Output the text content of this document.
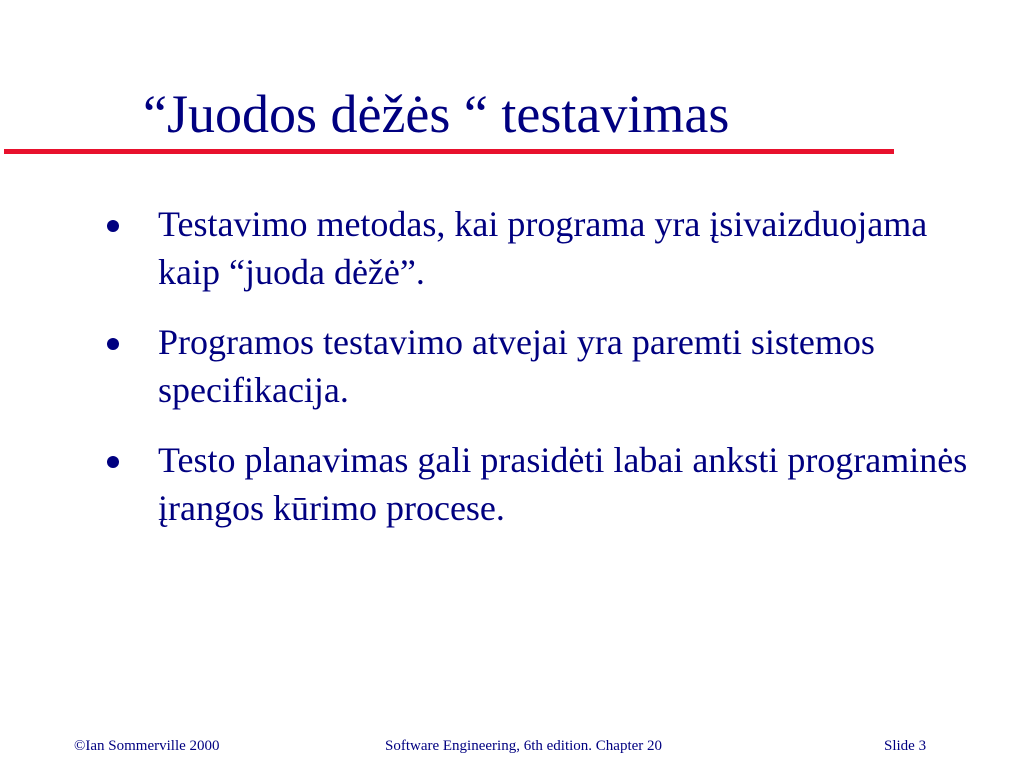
“Juodos dėžės “ testavimas
Testavimo metodas, kai programa yra įsivaizduojama kaip “juoda dėžė”.
Programos testavimo atvejai yra paremti sistemos specifikacija.
Testo planavimas gali prasidėti labai anksti programinės įrangos kūrimo procese.
©Ian Sommerville 2000	Software Engineering, 6th edition. Chapter 20	Slide 3
